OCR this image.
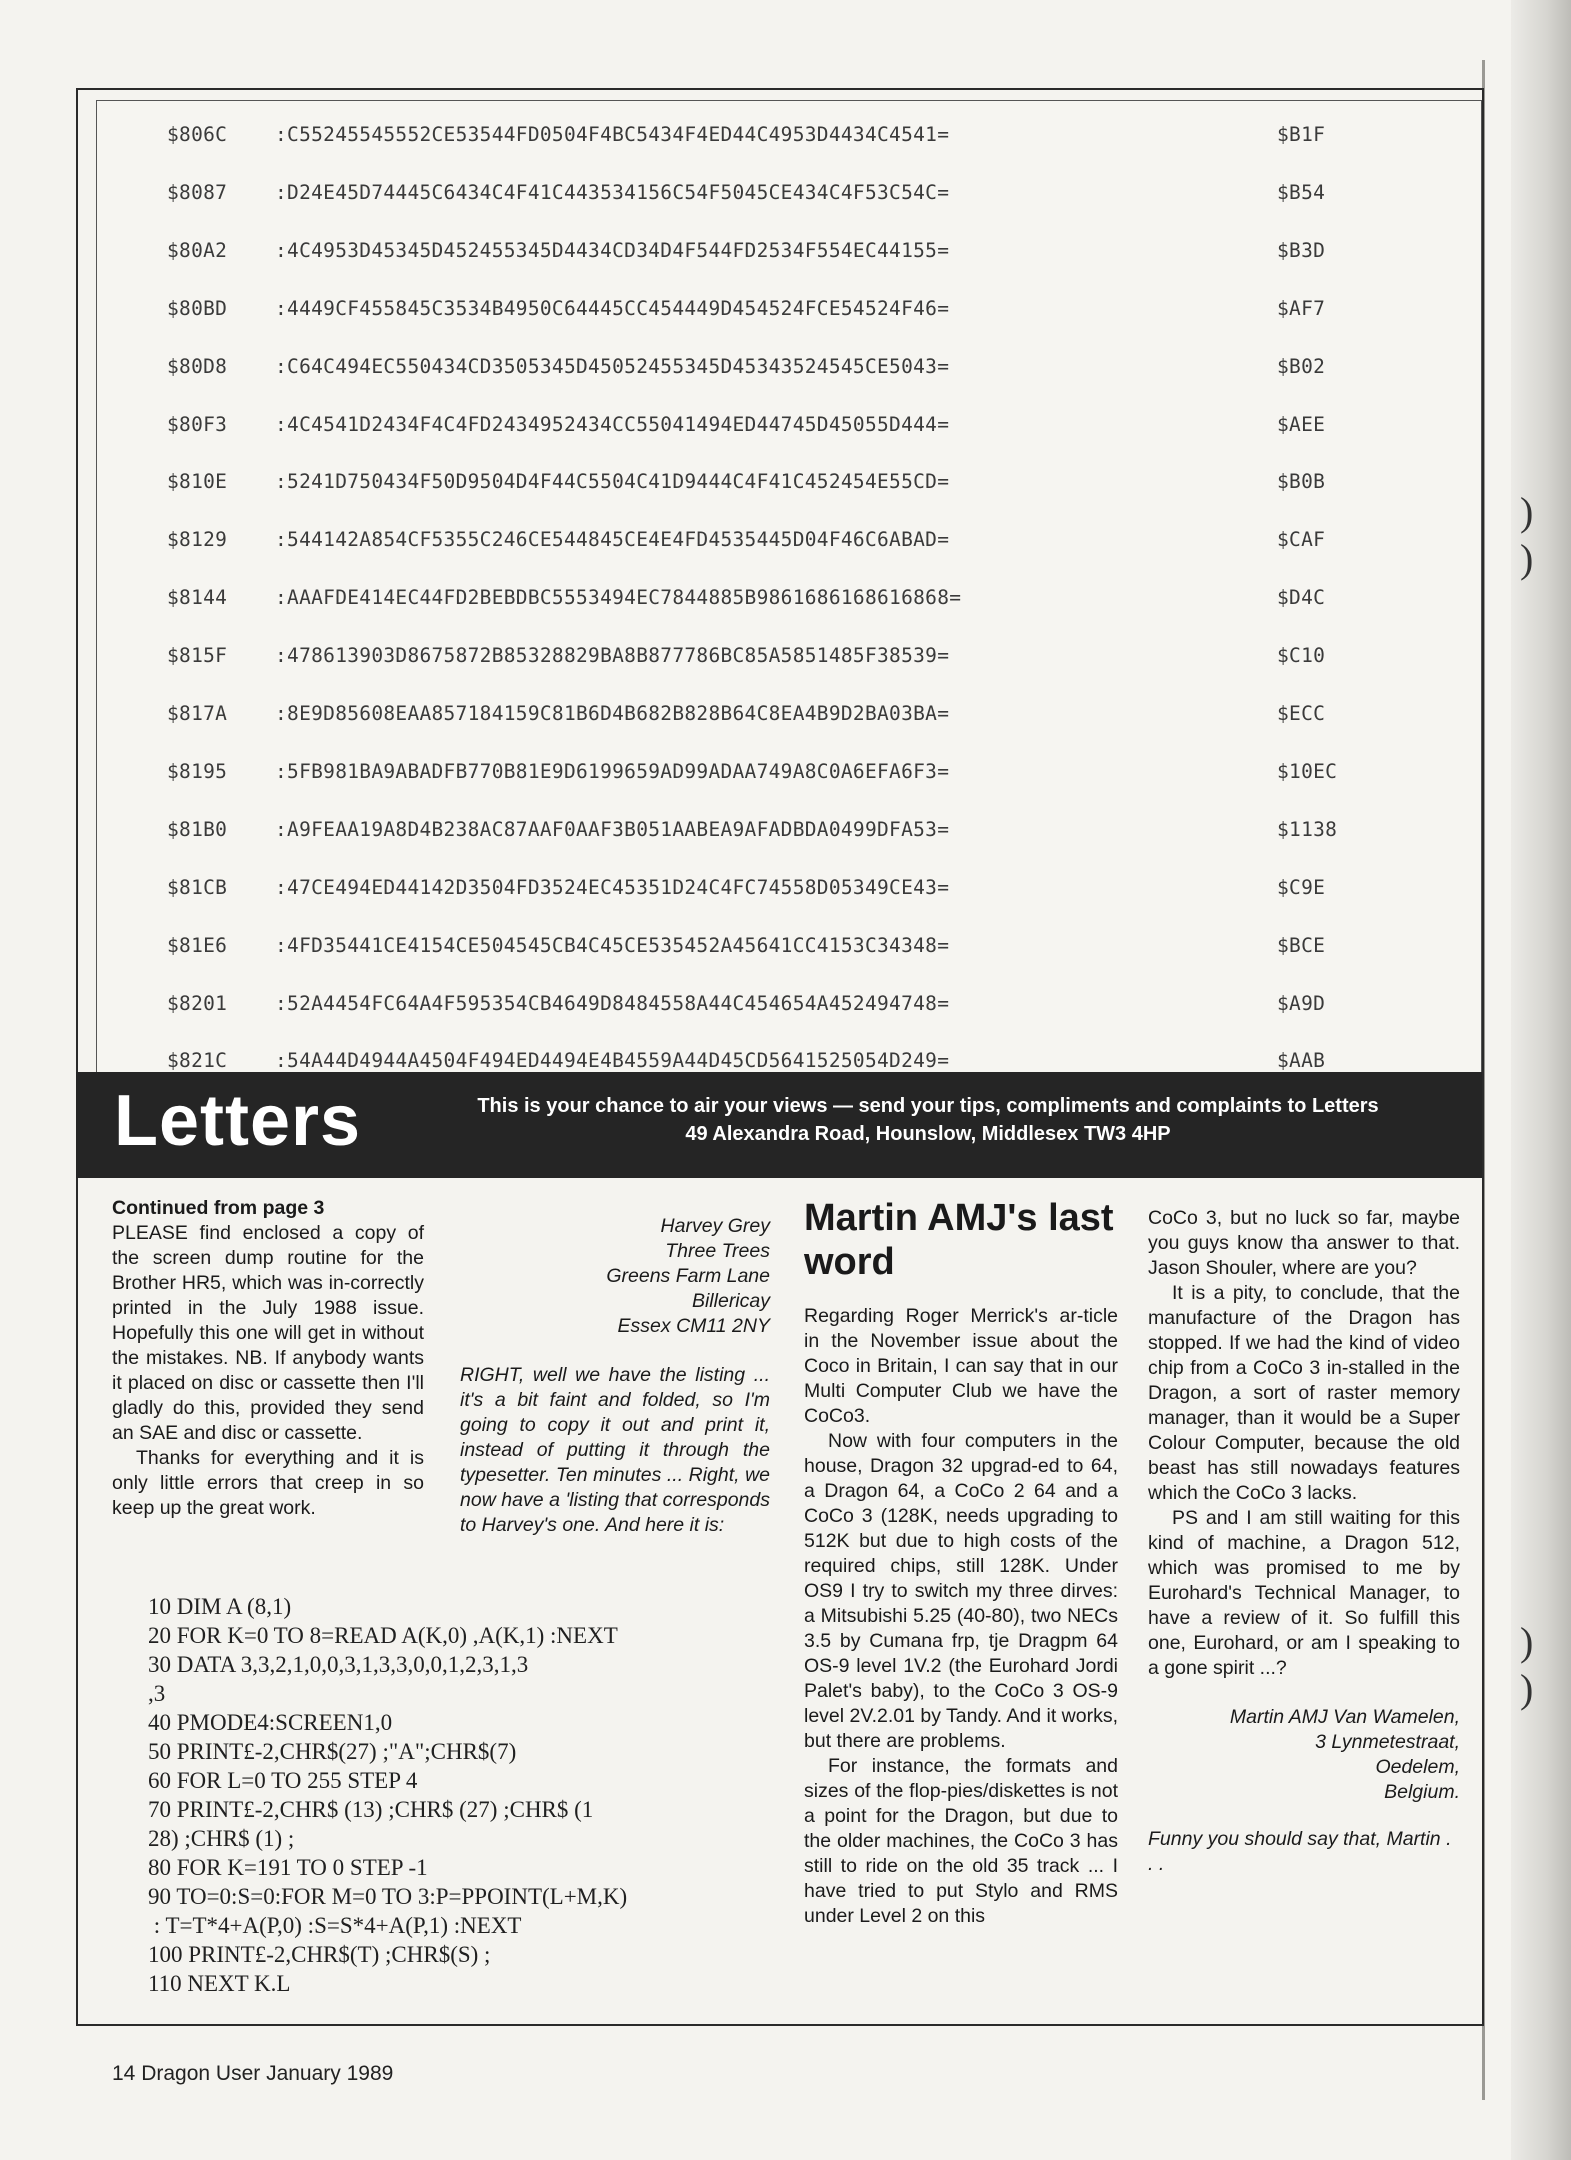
)
)
)
)
$806C :C55245545552CE53544FD0504F4BC5434F4ED44C4953D4434C4541=	$B1F
$8087 :D24E45D74445C6434C4F41C443534156C54F5045CE434C4F53C54C=	$B54
$80A2 :4C4953D45345D452455345D4434CD34D4F544FD2534F554EC44155=	$B3D
$80BD :4449CF455845C3534B4950C64445CC454449D454524FCE54524F46=	$AF7
$80D8 :C64C494EC550434CD3505345D45052455345D45343524545CE5043=	$B02
$80F3 :4C4541D2434F4C4FD2434952434CC55041494ED44745D45055D444=	$AEE
$810E :5241D750434F50D9504D4F44C5504C41D9444C4F41C452454E55CD=	$B0B
$8129 :544142A854CF5355C246CE544845CE4E4FD4535445D04F46C6ABAD=	$CAF
$8144 :AAAFDE414EC44FD2BEBDBC5553494EC7844885B9861686168616868=	$D4C
$815F :478613903D8675872B85328829BA8B877786BC85A5851485F38539=	$C10
$817A :8E9D85608EAA857184159C81B6D4B682B828B64C8EA4B9D2BA03BA=	$ECC
$8195 :5FB981BA9ABADFB770B81E9D6199659AD99ADAA749A8C0A6EFA6F3=	$10EC
$81B0 :A9FEAA19A8D4B238AC87AAF0AAF3B051AABEA9AFADBDA0499DFA53=	$1138
$81CB :47CE494ED44142D3504FD3524EC45351D24C4FC74558D05349CE43=	$C9E
$81E6 :4FD35441CE4154CE504545CB4C45CE535452A45641CC4153C34348=	$BCE
$8201 :52A4454FC64A4F595354CB4649D8484558A44C454654A452494748=	$A9D
$821C :54A44D4944A4504F494ED4494E4B4559A44D45CD5641525054D249=	$AAB
Letters	This is your chance to air your views — send your tips, compliments and complaints to Letters
49 Alexandra Road, Hounslow, Middlesex TW3 4HP

Continued from page 3

PLEASE find enclosed a copy of the screen dump routine for the Brother HR5, which was in-correctly printed in the July 1988 issue. Hopefully this one will get in without the mistakes. NB. If anybody wants it placed on disc or cassette then I'll gladly do this, provided they send an SAE and disc or cassette.

Thanks for everything and it is only little errors that creep in so keep up the great work.

Harvey Grey
Three Trees
Greens Farm Lane
Billericay
Essex CM11 2NY

RIGHT, well we have the listing ... it's a bit faint and folded, so I'm going to copy it out and print it, instead of putting it through the typesetter. Ten minutes ... Right, we now have a 'listing that corresponds to Harvey's one. And here it is:

10 DIM A (8,1)
20 FOR K=0 TO 8=READ A(K,0) ,A(K,1) :NEXT
30 DATA 3,3,2,1,0,0,3,1,3,3,0,0,1,2,3,1,3
,3
40 PMODE4:SCREEN1,0
50 PRINT£-2,CHR$(27) ;"A";CHR$(7)
60 FOR L=0 TO 255 STEP 4
70 PRINT£-2,CHR$ (13) ;CHR$ (27) ;CHR$ (1
28) ;CHR$ (1) ;
80 FOR K=191 TO 0 STEP -1
90 TO=0:S=0:FOR M=0 TO 3:P=PPOINT(L+M,K)
: T=T*4+A(P,0) :S=S*4+A(P,1) :NEXT
100 PRINT£-2,CHR$(T) ;CHR$(S) ;
110 NEXT K.L
Martin AMJ's last word

Regarding Roger Merrick's ar-ticle in the November issue about the Coco in Britain, I can say that in our Multi Computer Club we have the CoCo3.

Now with four computers in the house, Dragon 32 upgrad-ed to 64, a Dragon 64, a CoCo 2 64 and a CoCo 3 (128K, needs upgrading to 512K but due to high costs of the required chips, still 128K. Under OS9 I try to switch my three dirves: a Mitsubishi 5.25 (40-80), two NECs 3.5 by Cumana frp, tje Dragpm 64 OS-9 level 1V.2 (the Eurohard Jordi Palet's baby), to the CoCo 3 OS-9 level 2V.2.01 by Tandy. And it works, but there are problems.

For instance, the formats and sizes of the flop-pies/diskettes is not a point for the Dragon, but due to the older machines, the CoCo 3 has still to ride on the old 35 track ... I have tried to put Stylo and RMS under Level 2 on this

CoCo 3, but no luck so far, maybe you guys know tha answer to that. Jason Shouler, where are you?

It is a pity, to conclude, that the manufacture of the Dragon has stopped. If we had the kind of video chip from a CoCo 3 in-stalled in the Dragon, a sort of raster memory manager, than it would be a Super Colour Computer, because the old beast has still nowadays features which the CoCo 3 lacks.

PS and I am still waiting for this kind of machine, a Dragon 512, which was promised to me by Eurohard's Technical Manager, to have a review of it. So fulfill this one, Eurohard, or am I speaking to a gone spirit ...?

Martin AMJ Van Wamelen,
3 Lynmetestraat,
Oedelem,
Belgium.

Funny you should say that, Martin . . .

14 Dragon User January 1989
